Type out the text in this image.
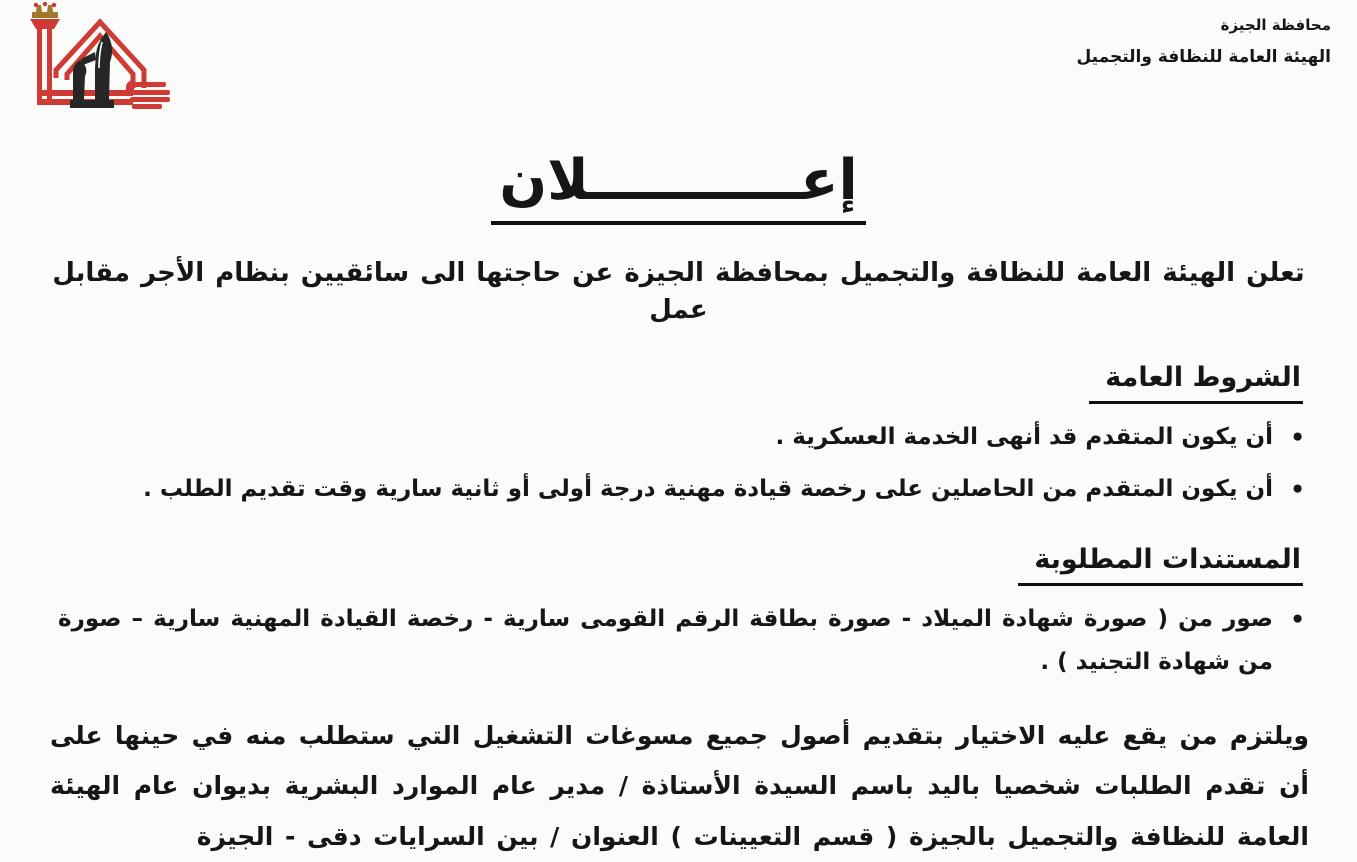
محافظة الجيزة
الهيئة العامة للنظافة والتجميل
إعـــــــــــلان

تعلن الهيئة العامة للنظافة والتجميل بمحافظة الجيزة عن حاجتها الى سائقيين بنظام الأجر مقابل عمل

الشروط العامة
•
أن يكون المتقدم قد أنهى الخدمة العسكرية .
•
أن يكون المتقدم من الحاصلين على رخصة قيادة مهنية درجة أولى أو ثانية سارية وقت تقديم الطلب .
المستندات المطلوبة
•
صور من ( صورة شهادة الميلاد - صورة بطاقة الرقم القومى سارية - رخصة القيادة المهنية سارية – صورة من شهادة التجنيد ) .

ويلتزم من يقع عليه الاختيار بتقديم أصول جميع مسوغات التشغيل التي ستطلب منه في حينها على أن تقدم الطلبات شخصيا باليد باسم السيدة الأستاذة / مدير عام الموارد البشرية بديوان عام الهيئة العامة للنظافة والتجميل بالجيزة ( قسم التعيينات ) العنوان / بين السرايات دقى - الجيزة
